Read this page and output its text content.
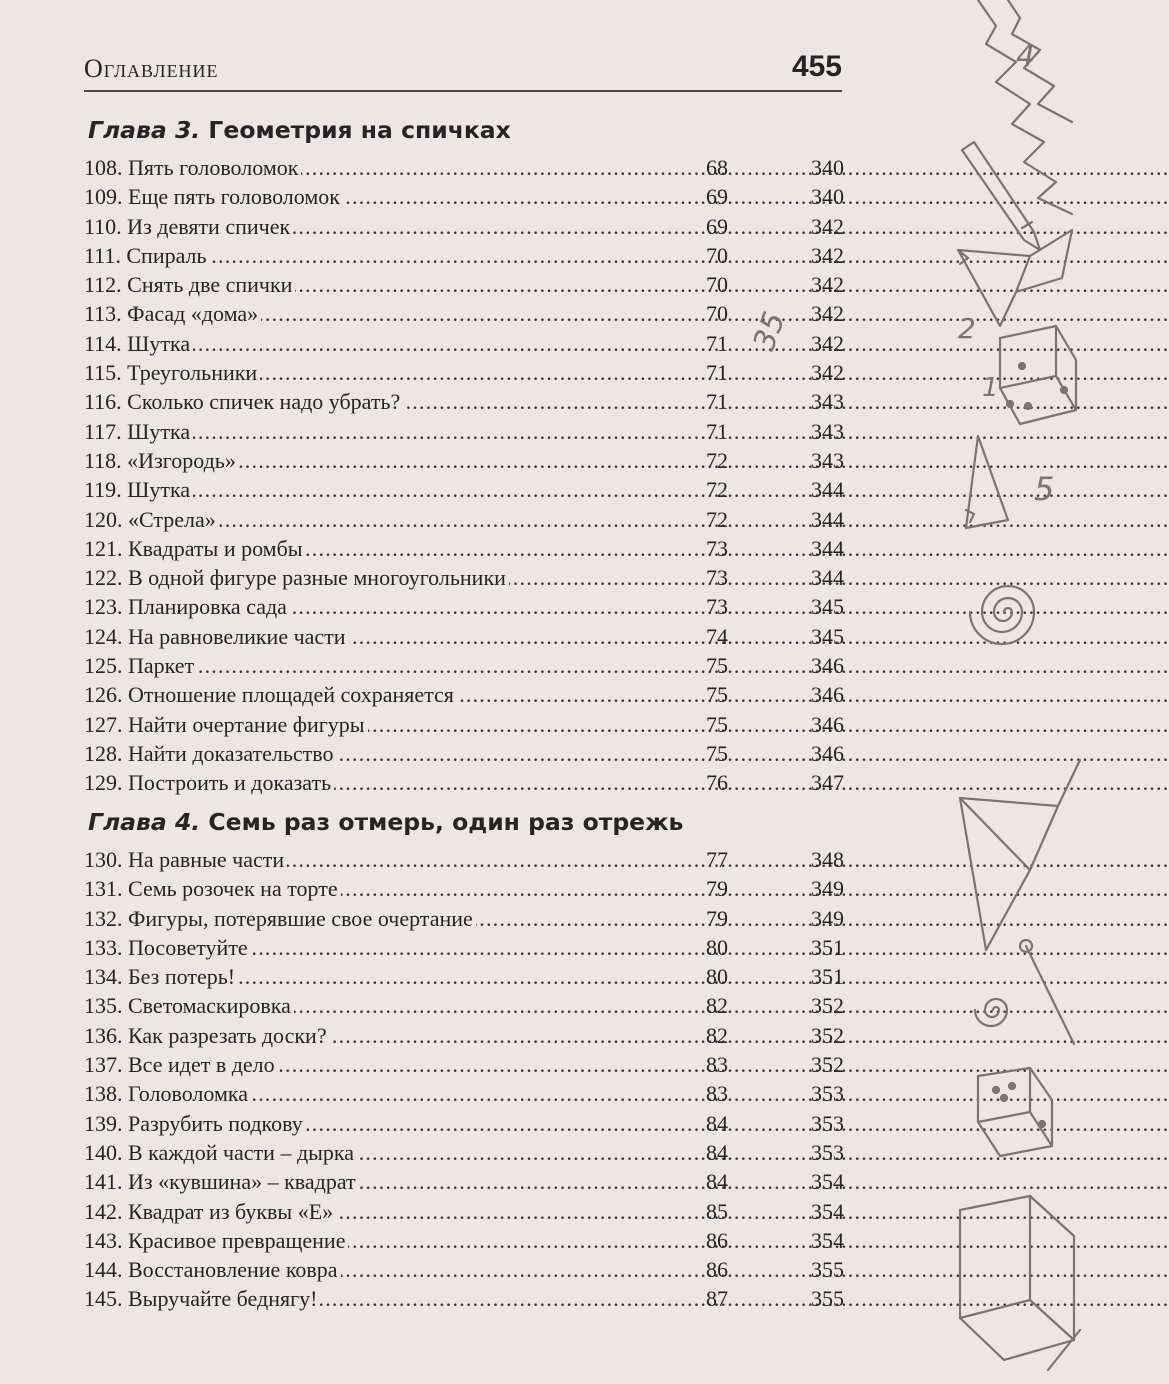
Оглавление	455
Глава 3. Геометрия на спичках
108. Пять головоломок .....	68	340
109. Еще пять головоломок .....	69	340
110. Из девяти спичек .....	69	342
111. Спираль .....	70	342
112. Снять две спички .....	70	342
113. Фасад «дома» .....	70	342
114. Шутка .....	71	342
115. Треугольники .....	71	342
116. Сколько спичек надо убрать? .....	71	343
117. Шутка .....	71	343
118. «Изгородь» .....	72	343
119. Шутка .....	72	344
120. «Стрела» .....	72	344
121. Квадраты и ромбы .....	73	344
122. В одной фигуре разные многоугольники .....	73	344
123. Планировка сада .....	73	345
124. На равновеликие части .....	74	345
125. Паркет .....	75	346
126. Отношение площадей сохраняется .....	75	346
127. Найти очертание фигуры .....	75	346
128. Найти доказательство .....	75	346
129. Построить и доказать .....	76	347
Глава 4. Семь раз отмерь, один раз отрежь
130. На равные части .....	77	348
131. Семь розочек на торте .....	79	349
132. Фигуры, потерявшие свое очертание .....	79	349
133. Посоветуйте .....	80	351
134. Без потерь! .....	80	351
135. Светомаскировка .....	82	352
136. Как разрезать доски? .....	82	352
137. Все идет в дело .....	83	352
138. Головоломка .....	83	353
139. Разрубить подкову .....	84	353
140. В каждой части – дырка .....	84	353
141. Из «кувшина» – квадрат .....	84	354
142. Квадрат из буквы «Е» .....	85	354
143. Красивое превращение .....	86	354
144. Восстановление ковра .....	86	355
145. Выручайте беднягу! .....	87	355
4
2
1
5
35
